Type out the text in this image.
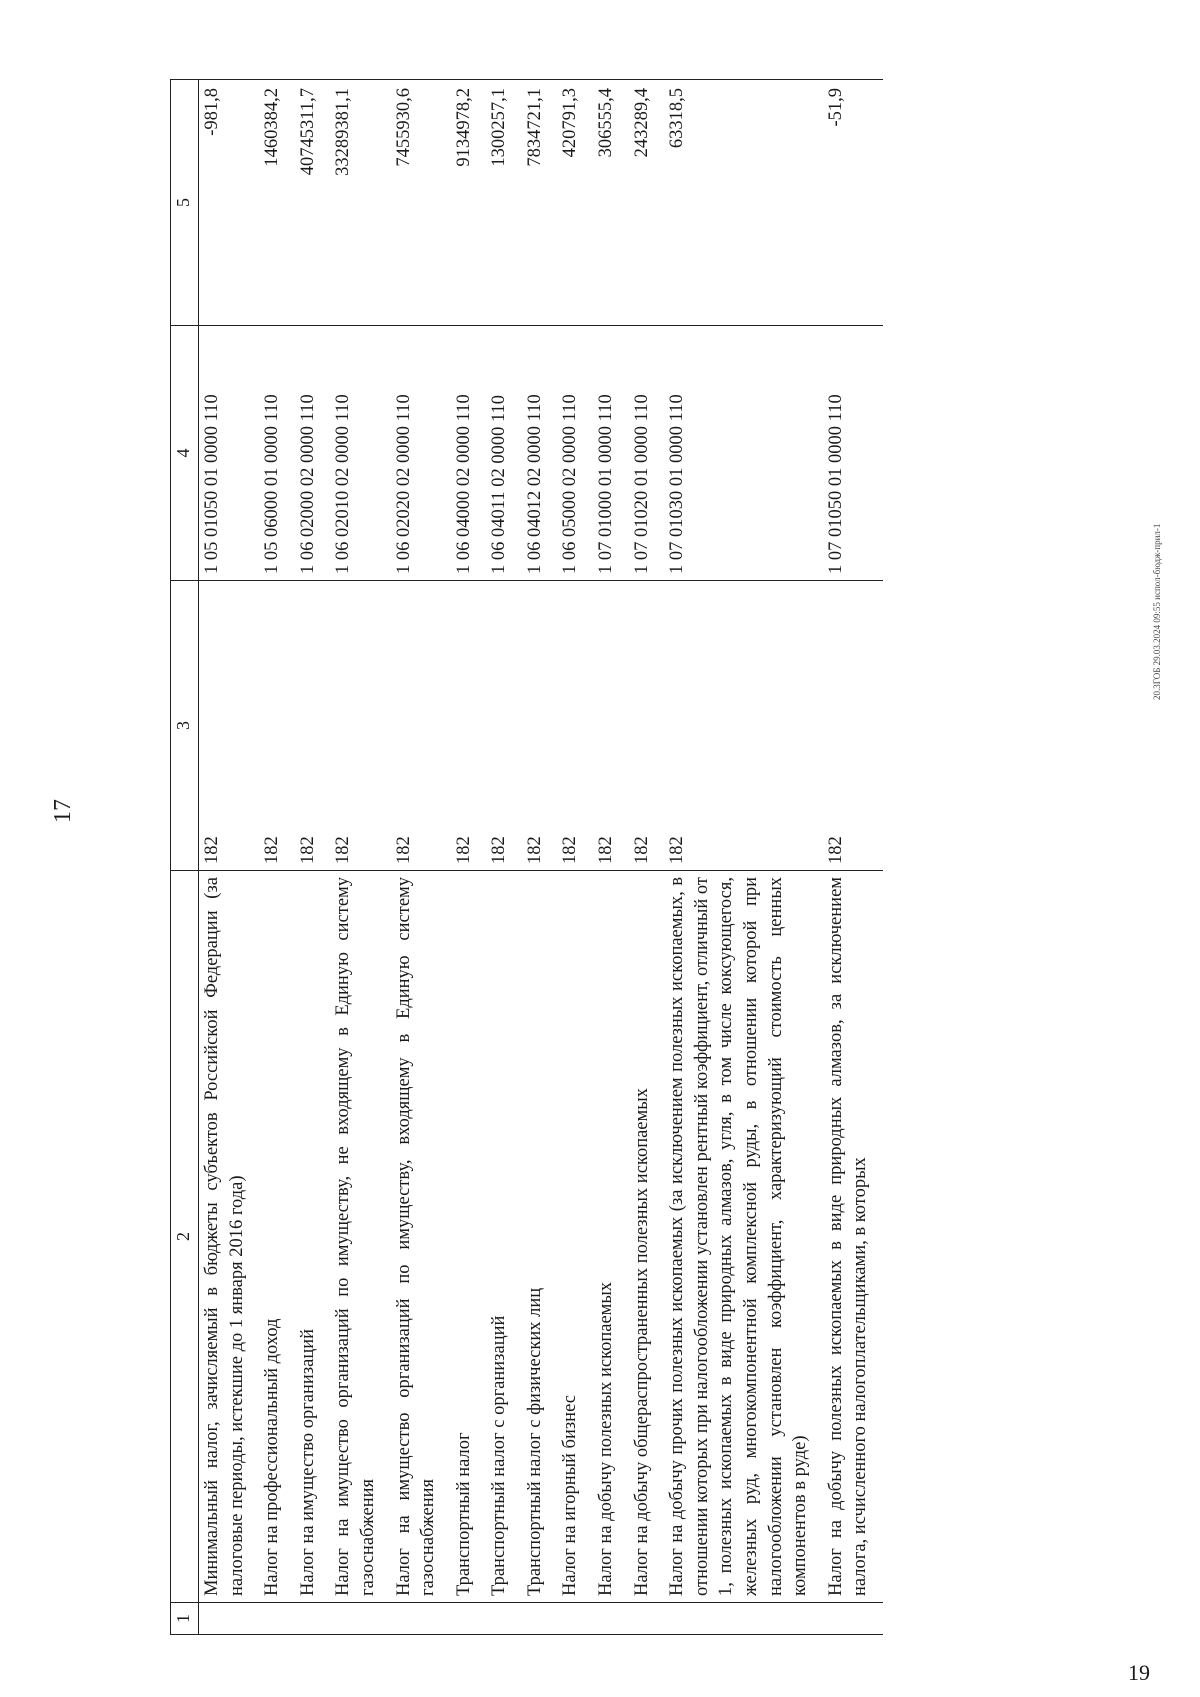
17
1	2	3	4	5
	Минимальный налог, зачисляемый в бюджеты субъектов Российской Федерации (за налоговые периоды, истекшие до 1 января 2016 года)	182	1 05 01050 01 0000 110	-981,8
	Налог на профессиональный доход	182	1 05 06000 01 0000 110	1460384,2
	Налог на имущество организаций	182	1 06 02000 02 0000 110	40745311,7
	Налог на имущество организаций по имуществу, не входящему в Единую систему газоснабжения	182	1 06 02010 02 0000 110	33289381,1
	Налог на имущество организаций по имуществу, входящему в Единую систему газоснабжения	182	1 06 02020 02 0000 110	7455930,6
	Транспортный налог	182	1 06 04000 02 0000 110	9134978,2
	Транспортный налог с организаций	182	1 06 04011 02 0000 110	1300257,1
	Транспортный налог с физических лиц	182	1 06 04012 02 0000 110	7834721,1
	Налог на игорный бизнес	182	1 06 05000 02 0000 110	420791,3
	Налог на добычу полезных ископаемых	182	1 07 01000 01 0000 110	306555,4
	Налог на добычу общераспространенных полезных ископаемых	182	1 07 01020 01 0000 110	243289,4
	Налог на добычу прочих полезных ископаемых (за исключением полезных ископаемых, в отношении которых при налогообложении установлен рентный коэффициент, отличный от 1, полезных ископаемых в виде природных алмазов, угля, в том числе коксующегося, железных руд, многокомпонентной комплексной руды, в отношении которой при налогообложении установлен коэффициент, характеризующий стоимость ценных компонентов в руде)	182	1 07 01030 01 0000 110	63318,5
	Налог на добычу полезных ископаемых в виде природных алмазов, за исключением налога, исчисленного налогоплательщиками, в которых	182	1 07 01050 01 0000 110	-51,9
20.3ГОБ 29.03.2024 09:55 испол-бюдж-прил-1
19
